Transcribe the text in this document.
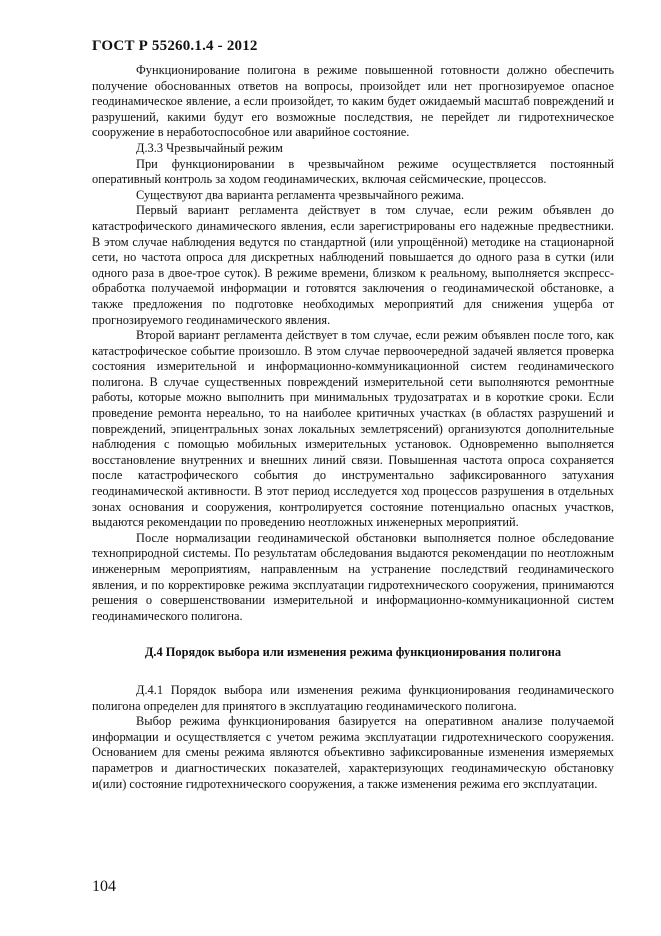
ГОСТ Р 55260.1.4 - 2012

Функционирование полигона в режиме повышенной готовности должно обеспечить получение обоснованных ответов на вопросы, произойдет или нет прогнозируемое опасное геодинамическое явление, а если произойдет, то каким будет ожидаемый масштаб повреждений и разрушений, какими будут его возможные последствия, не перейдет ли гидротехническое сооружение в неработоспособное или аварийное состояние.

Д.3.3 Чрезвычайный режим

При функционировании в чрезвычайном режиме осуществляется постоянный оперативный контроль за ходом геодинамических, включая сейсмические, процессов.

Существуют два варианта регламента чрезвычайного режима.

Первый вариант регламента действует в том случае, если режим объявлен до катастрофического динамического явления, если зарегистрированы его надежные предвестники. В этом случае наблюдения ведутся по стандартной (или упрощённой) методике на стационарной сети, но частота опроса для дискретных наблюдений повышается до одного раза в сутки (или одного раза в двое-трое суток). В режиме времени, близком к реальному, выполняется экспресс-обработка получаемой информации и готовятся заключения о геодинамической обстановке, а также предложения по подготовке необходимых мероприятий для снижения ущерба от прогнозируемого геодинамического явления.

Второй вариант регламента действует в том случае, если режим объявлен после того, как катастрофическое событие произошло. В этом случае первоочередной задачей является проверка состояния измерительной и информационно-коммуникационной систем геодинамического полигона. В случае существенных повреждений измерительной сети выполняются ремонтные работы, которые можно выполнить при минимальных трудозатратах и в короткие сроки. Если проведение ремонта нереально, то на наиболее критичных участках (в областях разрушений и повреждений, эпицентральных зонах локальных землетрясений) организуются дополнительные наблюдения с помощью мобильных измерительных установок. Одновременно выполняется восстановление внутренних и внешних линий связи. Повышенная частота опроса сохраняется после катастрофического события до инструментально зафиксированного затухания геодинамической активности. В этот период исследуется ход процессов разрушения в отдельных зонах основания и сооружения, контролируется состояние потенциально опасных участков, выдаются рекомендации по проведению неотложных инженерных мероприятий.

После нормализации геодинамической обстановки выполняется полное обследование технoприродной системы. По результатам обследования выдаются рекомендации по неотложным инженерным мероприятиям, направленным на устранение последствий геодинамического явления, и по корректировке режима эксплуатации гидротехнического сооружения, принимаются решения о совершенствовании измерительной и информационно-коммуникационной систем геодинамического полигона.

Д.4 Порядок выбора или изменения режима функционирования полигона

Д.4.1 Порядок выбора или изменения режима функционирования геодинамического полигона определен для принятого в эксплуатацию геодинамического полигона.

Выбор режима функционирования базируется на оперативном анализе получаемой информации и осуществляется с учетом режима эксплуатации гидротехнического сооружения. Основанием для смены режима являются объективно зафиксированные изменения измеряемых параметров и диагностических показателей, характеризующих геодинамическую обстановку и(или) состояние гидротехнического сооружения, а также изменения режима его эксплуатации.

104
